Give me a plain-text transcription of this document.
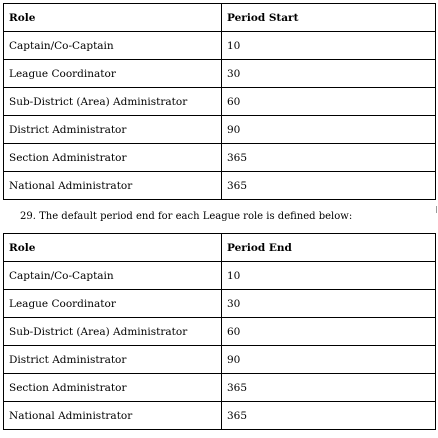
Role	Period Start
Captain/Co-Captain	10
League Coordinator	30
Sub-District (Area) Administrator	60
District Administrator	90
Section Administrator	365
National Administrator	365
29. The default period end for each League role is defined below:
Role	Period End
Captain/Co-Captain	10
League Coordinator	30
Sub-District (Area) Administrator	60
District Administrator	90
Section Administrator	365
National Administrator	365
